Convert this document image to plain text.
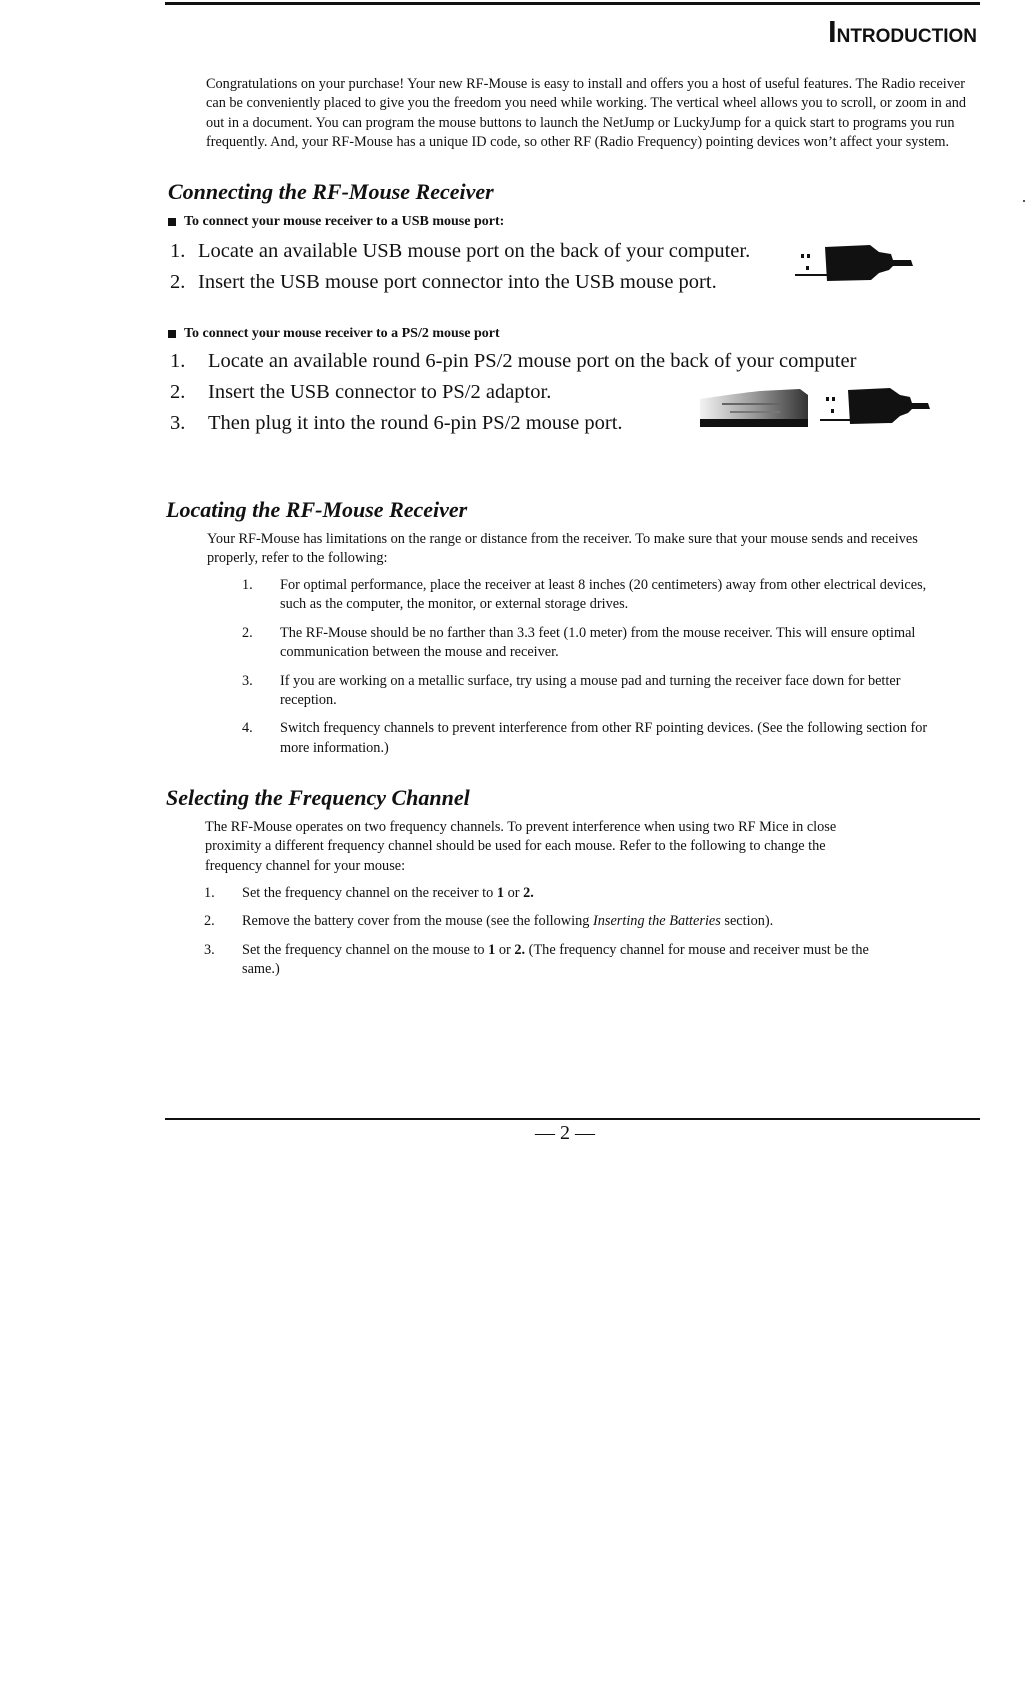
Introduction

Congratulations on your purchase! Your new RF-Mouse is easy to install and offers you a host of useful features. The Radio receiver can be conveniently placed to give you the freedom you need while working. The vertical wheel allows you to scroll, or zoom in and out in a document. You can program the mouse buttons to launch the NetJump or LuckyJump for a quick start to programs you run frequently. And, your RF-Mouse has a unique ID code, so other RF (Radio Frequency) pointing devices won’t affect your system.

Connecting the RF-Mouse Receiver
To connect your mouse receiver to a USB mouse port:
1. Locate an available USB mouse port on the back of your computer.
2. Insert the USB mouse port connector into the USB mouse port.
To connect your mouse receiver to a PS/2 mouse port
1.	Locate an available round 6-pin PS/2 mouse port on the back of your computer
2.	Insert the USB connector to PS/2 adaptor.
3.	Then plug it into the round 6-pin PS/2 mouse port.
Locating the RF-Mouse Receiver

Your RF-Mouse has limitations on the range or distance from the receiver. To make sure that your mouse sends and receives properly, refer to the following:

1.	For optimal performance, place the receiver at least 8 inches (20 centimeters) away from other electrical devices, such as the computer, the monitor, or external storage drives.
2.	The RF-Mouse should be no farther than 3.3 feet (1.0 meter) from the mouse receiver. This will ensure optimal communication between the mouse and receiver.
3.	If you are working on a metallic surface, try using a mouse pad and turning the receiver face down for better reception.
4.	Switch frequency channels to prevent interference from other RF pointing devices. (See the following section for more information.)
Selecting the Frequency Channel

The RF-Mouse operates on two frequency channels. To prevent interference when using two RF Mice in close proximity a different frequency channel should be used for each mouse. Refer to the following to change the frequency channel for your mouse:

1.	Set the frequency channel on the receiver to 1 or 2.
2.	Remove the battery cover from the mouse (see the following Inserting the Batteries section).
3.	Set the frequency channel on the mouse to 1 or 2. (The frequency channel for mouse and receiver must be the same.)
— 2 —
